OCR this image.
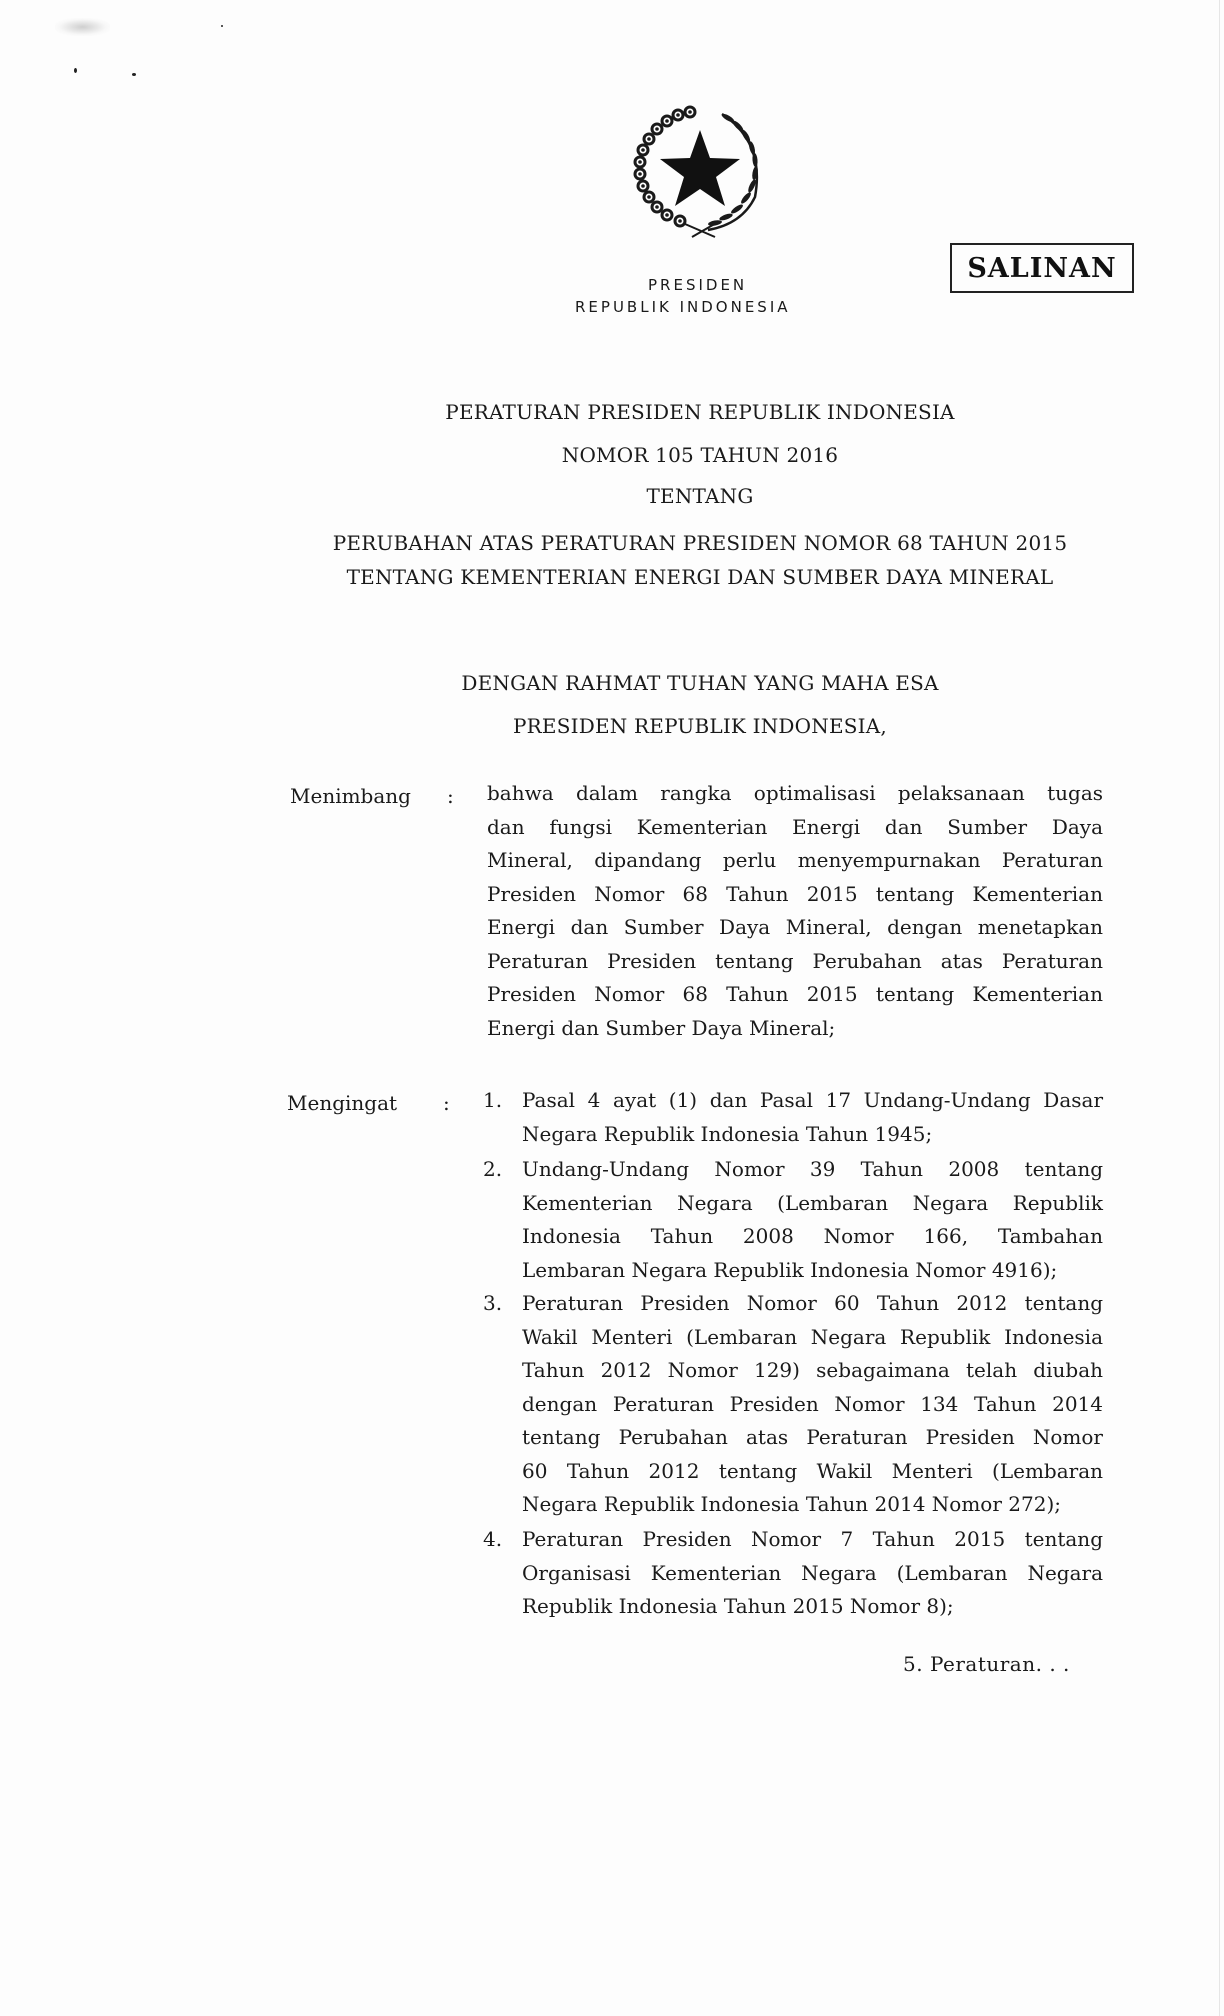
PRESIDEN
REPUBLIK INDONESIA
SALINAN
PERATURAN PRESIDEN REPUBLIK INDONESIA
NOMOR 105 TAHUN 2016
TENTANG
PERUBAHAN ATAS PERATURAN PRESIDEN NOMOR 68 TAHUN 2015
TENTANG KEMENTERIAN ENERGI DAN SUMBER DAYA MINERAL
DENGAN RAHMAT TUHAN YANG MAHA ESA
PRESIDEN REPUBLIK INDONESIA,
Menimbang : bahwa dalam rangka optimalisasi pelaksanaan tugas
dan fungsi Kementerian Energi dan Sumber Daya
Mineral, dipandang perlu menyempurnakan Peraturan
Presiden Nomor 68 Tahun 2015 tentang Kementerian
Energi dan Sumber Daya Mineral, dengan menetapkan
Peraturan Presiden tentang Perubahan atas Peraturan
Presiden Nomor 68 Tahun 2015 tentang Kementerian
Energi dan Sumber Daya Mineral;
Mengingat : 1. Pasal 4 ayat (1) dan Pasal 17 Undang-Undang Dasar
Negara Republik Indonesia Tahun 1945;
2. Undang-Undang Nomor 39 Tahun 2008 tentang
Kementerian Negara (Lembaran Negara Republik
Indonesia Tahun 2008 Nomor 166, Tambahan
Lembaran Negara Republik Indonesia Nomor 4916);
3. Peraturan Presiden Nomor 60 Tahun 2012 tentang
Wakil Menteri (Lembaran Negara Republik Indonesia
Tahun 2012 Nomor 129) sebagaimana telah diubah
dengan Peraturan Presiden Nomor 134 Tahun 2014
tentang Perubahan atas Peraturan Presiden Nomor
60 Tahun 2012 tentang Wakil Menteri (Lembaran
Negara Republik Indonesia Tahun 2014 Nomor 272);
4. Peraturan Presiden Nomor 7 Tahun 2015 tentang
Organisasi Kementerian Negara (Lembaran Negara
Republik Indonesia Tahun 2015 Nomor 8);
5. Peraturan. . .
